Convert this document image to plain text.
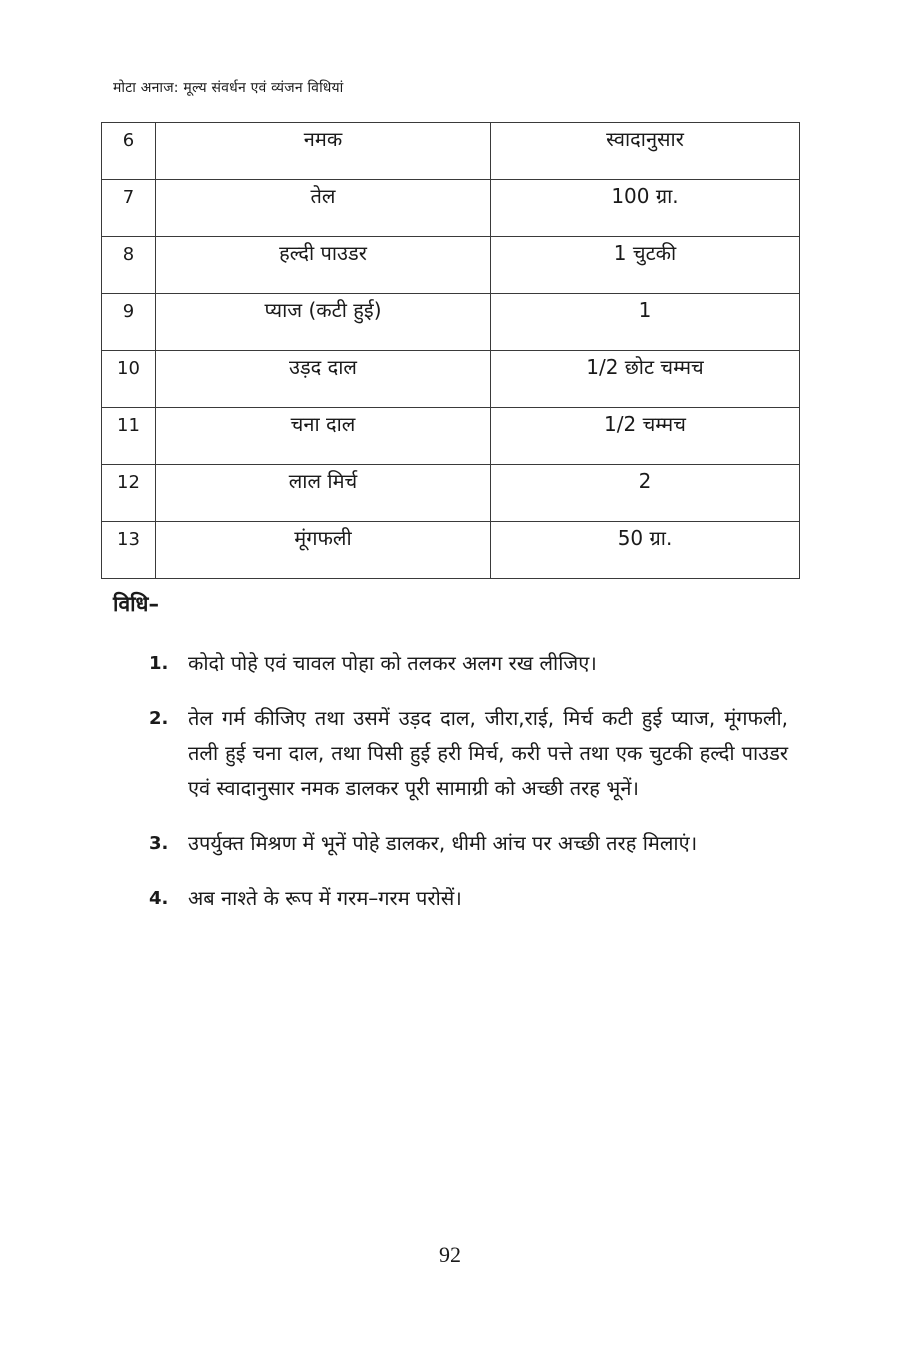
मोटा अनाज: मूल्य संवर्धन एवं व्यंजन विधियां
6	नमक	स्वादानुसार
7	तेल	100 ग्रा.
8	हल्दी पाउडर	1 चुटकी
9	प्याज (कटी हुई)	1
10	उड़द दाल	1/2 छोट चम्मच
11	चना दाल	1/2 चम्मच
12	लाल मिर्च	2
13	मूंगफली	50 ग्रा.
विधि–
1. कोदो पोहे एवं चावल पोहा को तलकर अलग रख लीजिए।
2. तेल गर्म कीजिए तथा उसमें उड़द दाल, जीरा,राई, मिर्च कटी हुई प्याज, मूंगफली, तली हुई चना दाल, तथा पिसी हुई हरी मिर्च, करी पत्ते तथा एक चुटकी हल्दी पाउडर एवं स्वादानुसार नमक डालकर पूरी सामाग्री को अच्छी तरह भूनें।
3. उपर्युक्त मिश्रण में भूनें पोहे डालकर, धीमी आंच पर अच्छी तरह मिलाएं।
4. अब नाश्ते के रूप में गरम–गरम परोसें।
92
